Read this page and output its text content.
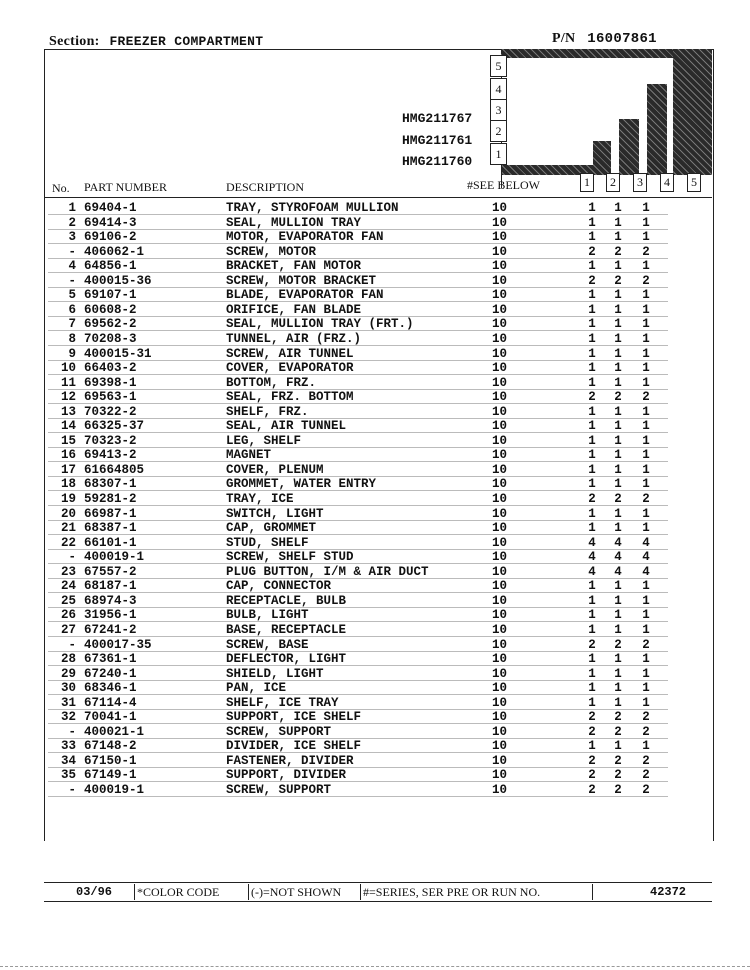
Section: FREEZER COMPARTMENT	P/N 16007861
5
4
3
2
1
1	2	3	4	5
HMG211767
HMG211761
HMG211760
No. PART NUMBER	DESCRIPTION	#SEE BELOW
1 69404-1	TRAY, STYROFOAM MULLION	10	1 1 1
2 69414-3	SEAL, MULLION TRAY	10	1 1 1
3 69106-2	MOTOR, EVAPORATOR FAN	10	1 1 1
- 406062-1	SCREW, MOTOR	10	2 2 2
4 64856-1	BRACKET, FAN MOTOR	10	1 1 1
- 400015-36	SCREW, MOTOR BRACKET	10	2 2 2
5 69107-1	BLADE, EVAPORATOR FAN	10	1 1 1
6 60608-2	ORIFICE, FAN BLADE	10	1 1 1
7 69562-2	SEAL, MULLION TRAY (FRT.)	10	1 1 1
8 70208-3	TUNNEL, AIR (FRZ.)	10	1 1 1
9 400015-31	SCREW, AIR TUNNEL	10	1 1 1
10 66403-2	COVER, EVAPORATOR	10	1 1 1
11 69398-1	BOTTOM, FRZ.	10	1 1 1
12 69563-1	SEAL, FRZ. BOTTOM	10	2 2 2
13 70322-2	SHELF, FRZ.	10	1 1 1
14 66325-37	SEAL, AIR TUNNEL	10	1 1 1
15 70323-2	LEG, SHELF	10	1 1 1
16 69413-2	MAGNET	10	1 1 1
17 61664805	COVER, PLENUM	10	1 1 1
18 68307-1	GROMMET, WATER ENTRY	10	1 1 1
19 59281-2	TRAY, ICE	10	2 2 2
20 66987-1	SWITCH, LIGHT	10	1 1 1
21 68387-1	CAP, GROMMET	10	1 1 1
22 66101-1	STUD, SHELF	10	4 4 4
- 400019-1	SCREW, SHELF STUD	10	4 4 4
23 67557-2	PLUG BUTTON, I/M & AIR DUCT	10	4 4 4
24 68187-1	CAP, CONNECTOR	10	1 1 1
25 68974-3	RECEPTACLE, BULB	10	1 1 1
26 31956-1	BULB, LIGHT	10	1 1 1
27 67241-2	BASE, RECEPTACLE	10	1 1 1
- 400017-35	SCREW, BASE	10	2 2 2
28 67361-1	DEFLECTOR, LIGHT	10	1 1 1
29 67240-1	SHIELD, LIGHT	10	1 1 1
30 68346-1	PAN, ICE	10	1 1 1
31 67114-4	SHELF, ICE TRAY	10	1 1 1
32 70041-1	SUPPORT, ICE SHELF	10	2 2 2
- 400021-1	SCREW, SUPPORT	10	2 2 2
33 67148-2	DIVIDER, ICE SHELF	10	1 1 1
34 67150-1	FASTENER, DIVIDER	10	2 2 2
35 67149-1	SUPPORT, DIVIDER	10	2 2 2
- 400019-1	SCREW, SUPPORT	10	2 2 2
03/96 *COLOR CODE	(-)=NOT SHOWN #=SERIES, SER PRE OR RUN NO.	42372
